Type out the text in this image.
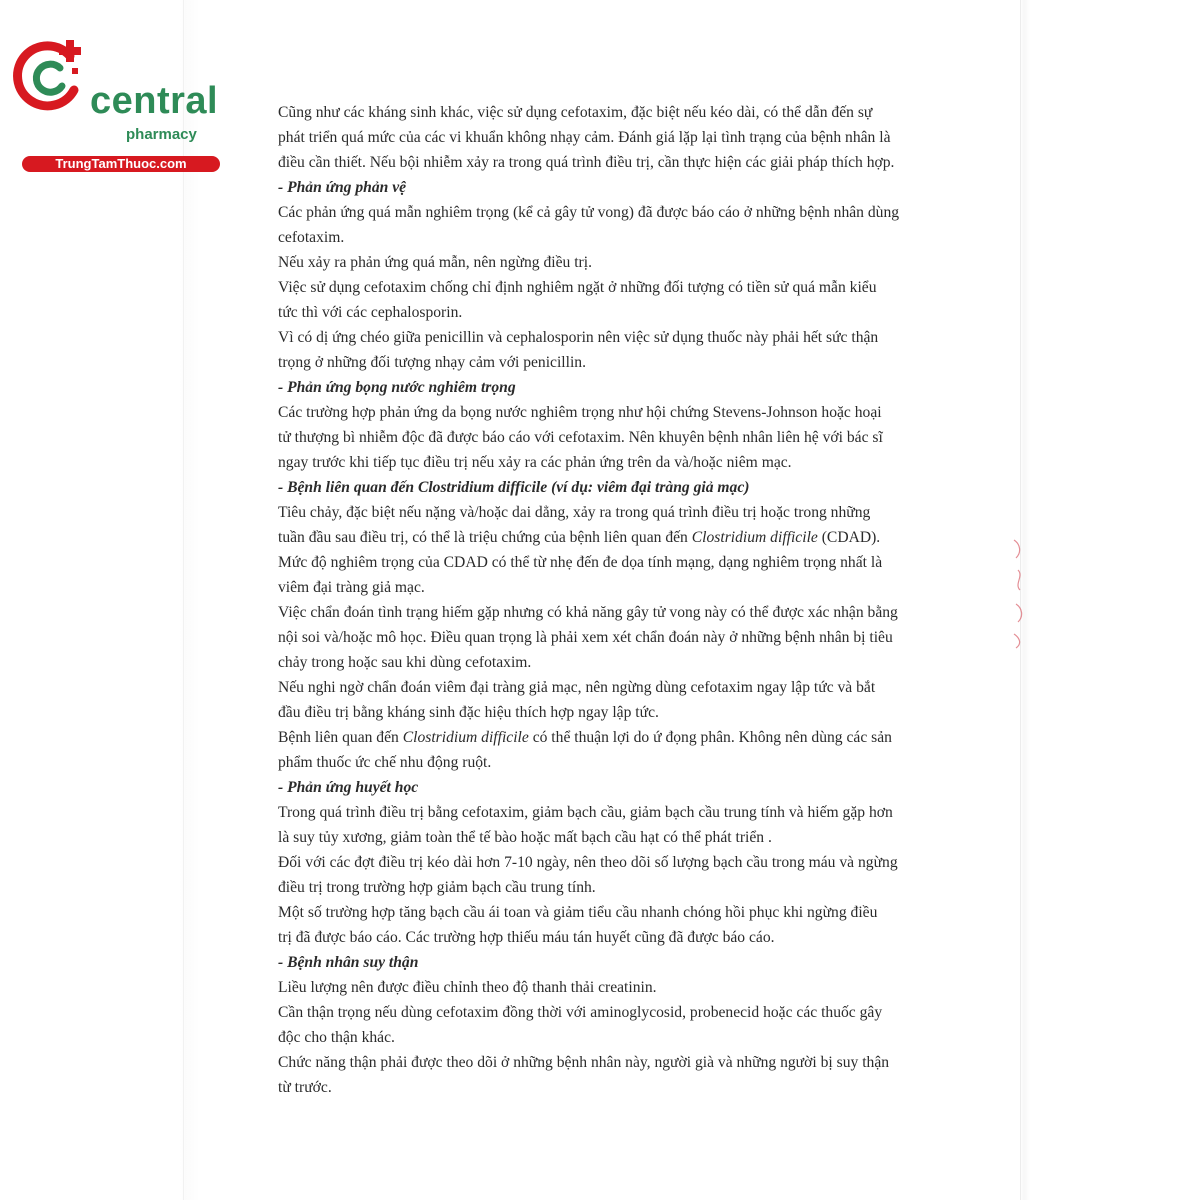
central
pharmacy
TrungTamThuoc.com
Cũng như các kháng sinh khác, việc sử dụng cefotaxim, đặc biệt nếu kéo dài, có thể dẫn đến sự
phát triển quá mức của các vi khuẩn không nhạy cảm. Đánh giá lặp lại tình trạng của bệnh nhân là
điều cần thiết. Nếu bội nhiễm xảy ra trong quá trình điều trị, cần thực hiện các giải pháp thích hợp.
- Phản ứng phản vệ
Các phản ứng quá mẫn nghiêm trọng (kể cả gây tử vong) đã được báo cáo ở những bệnh nhân dùng
cefotaxim.
Nếu xảy ra phản ứng quá mẫn, nên ngừng điều trị.
Việc sử dụng cefotaxim chống chỉ định nghiêm ngặt ở những đối tượng có tiền sử quá mẫn kiểu
tức thì với các cephalosporin.
Vì có dị ứng chéo giữa penicillin và cephalosporin nên việc sử dụng thuốc này phải hết sức thận
trọng ở những đối tượng nhạy cảm với penicillin.
- Phản ứng bọng nước nghiêm trọng
Các trường hợp phản ứng da bọng nước nghiêm trọng như hội chứng Stevens-Johnson hoặc hoại
tử thượng bì nhiễm độc đã được báo cáo với cefotaxim. Nên khuyên bệnh nhân liên hệ với bác sĩ
ngay trước khi tiếp tục điều trị nếu xảy ra các phản ứng trên da và/hoặc niêm mạc.
- Bệnh liên quan đến Clostridium difficile (ví dụ: viêm đại tràng giả mạc)
Tiêu chảy, đặc biệt nếu nặng và/hoặc dai dẳng, xảy ra trong quá trình điều trị hoặc trong những
tuần đầu sau điều trị, có thể là triệu chứng của bệnh liên quan đến Clostridium difficile (CDAD).
Mức độ nghiêm trọng của CDAD có thể từ nhẹ đến đe dọa tính mạng, dạng nghiêm trọng nhất là
viêm đại tràng giả mạc.
Việc chẩn đoán tình trạng hiếm gặp nhưng có khả năng gây tử vong này có thể được xác nhận bằng
nội soi và/hoặc mô học. Điều quan trọng là phải xem xét chẩn đoán này ở những bệnh nhân bị tiêu
chảy trong hoặc sau khi dùng cefotaxim.
Nếu nghi ngờ chẩn đoán viêm đại tràng giả mạc, nên ngừng dùng cefotaxim ngay lập tức và bắt
đầu điều trị bằng kháng sinh đặc hiệu thích hợp ngay lập tức.
Bệnh liên quan đến Clostridium difficile có thể thuận lợi do ứ đọng phân. Không nên dùng các sản
phẩm thuốc ức chế nhu động ruột.
- Phản ứng huyết học
Trong quá trình điều trị bằng cefotaxim, giảm bạch cầu, giảm bạch cầu trung tính và hiếm gặp hơn
là suy tủy xương, giảm toàn thể tế bào hoặc mất bạch cầu hạt có thể phát triển .
Đối với các đợt điều trị kéo dài hơn 7-10 ngày, nên theo dõi số lượng bạch cầu trong máu và ngừng
điều trị trong trường hợp giảm bạch cầu trung tính.
Một số trường hợp tăng bạch cầu ái toan và giảm tiểu cầu nhanh chóng hồi phục khi ngừng điều
trị đã được báo cáo. Các trường hợp thiếu máu tán huyết cũng đã được báo cáo.
- Bệnh nhân suy thận
Liều lượng nên được điều chỉnh theo độ thanh thải creatinin.
Cần thận trọng nếu dùng cefotaxim đồng thời với aminoglycosid, probenecid hoặc các thuốc gây
độc cho thận khác.
Chức năng thận phải được theo dõi ở những bệnh nhân này, người già và những người bị suy thận
từ trước.
